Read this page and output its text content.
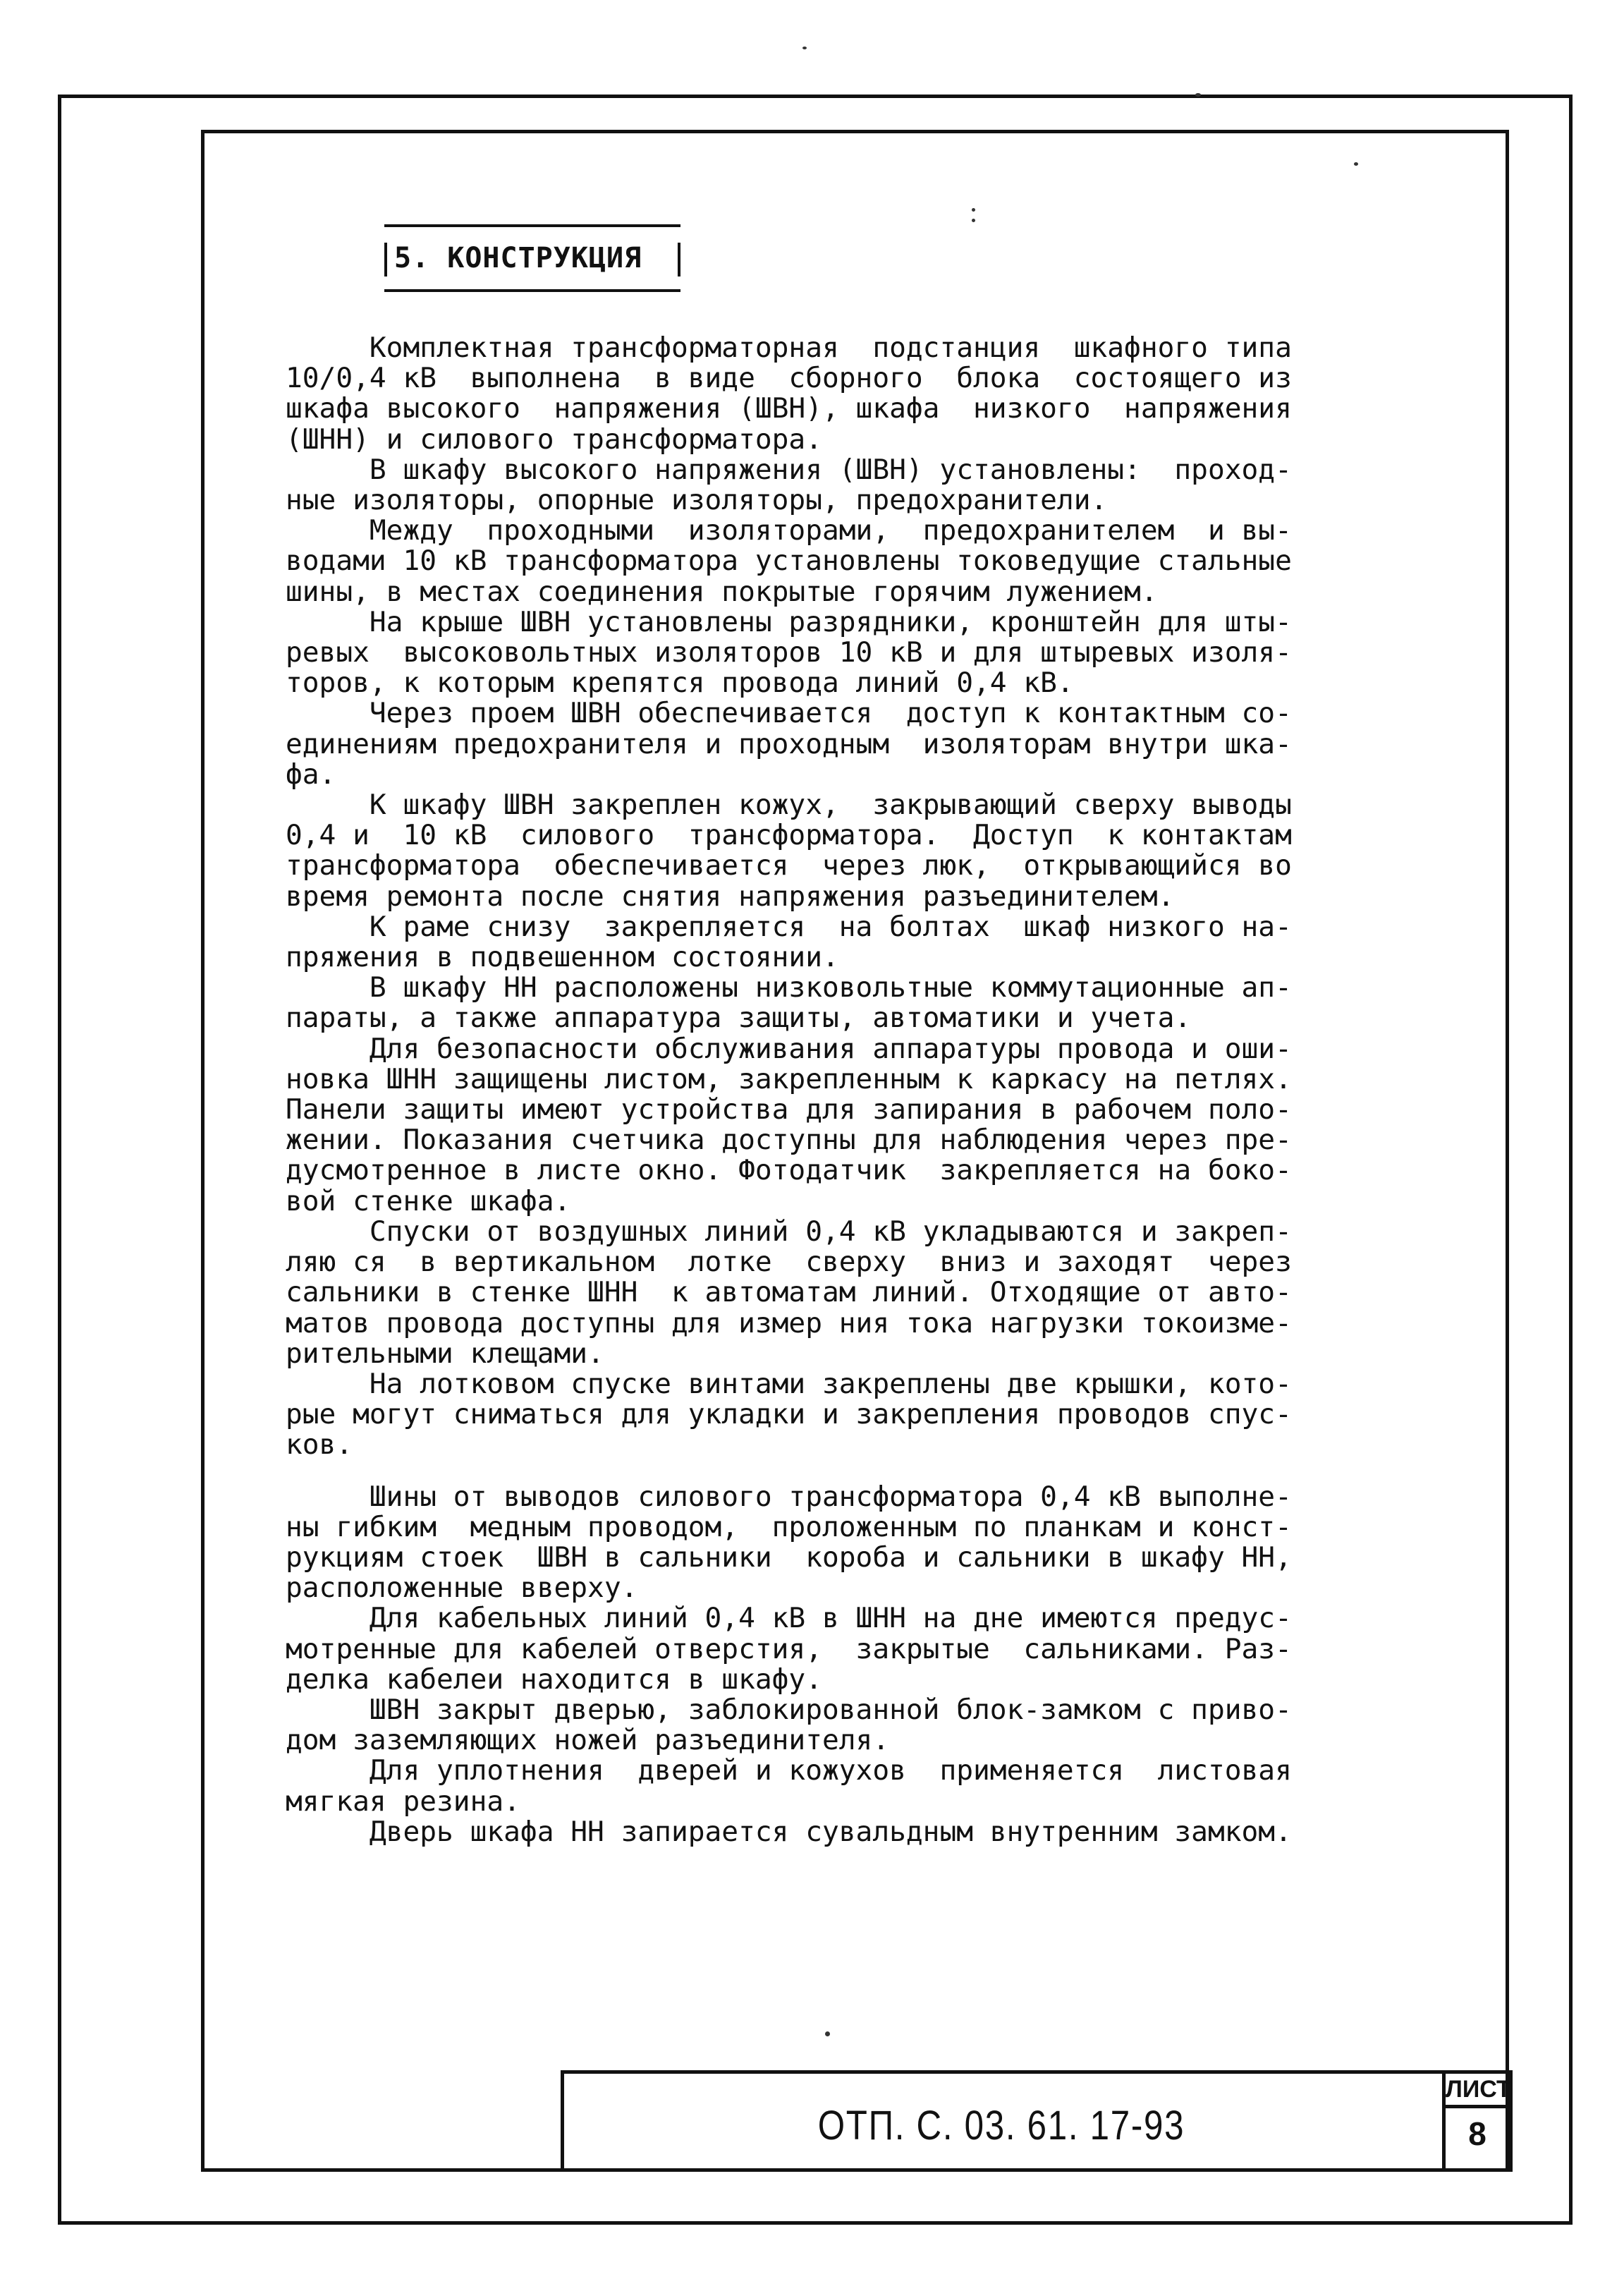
5. КОНСТРУКЦИЯ
Комплектная трансформаторная  подстанция  шкафного типа
10/0,4 кВ  выполнена  в виде  сборного  блока  состоящего из
шкафа высокого  напряжения (ШВН), шкафа  низкого  напряжения
(ШНН) и силового трансформатора.
В шкафу высокого напряжения (ШВН) установлены:  проход-
ные изоляторы, опорные изоляторы, предохранители.
Между  проходными  изоляторами,  предохранителем  и вы-
водами 10 кВ трансформатора установлены токоведущие стальные
шины, в местах соединения покрытые горячим лужением.
На крыше ШВН установлены разрядники, кронштейн для шты-
ревых  высоковольтных изоляторов 10 кВ и для штыревых изоля-
торов, к которым крепятся провода линий 0,4 кВ.
Через проем ШВН обеспечивается  доступ к контактным со-
единениям предохранителя и проходным  изоляторам внутри шка-
фа.
К шкафу ШВН закреплен кожух,  закрывающий сверху выводы
0,4 и  10 кВ  силового  трансформатора.  Доступ  к контактам
трансформатора  обеспечивается  через люк,  открывающийся во
время ремонта после снятия напряжения разъединителем.
К раме снизу  закрепляется  на болтах  шкаф низкого на-
пряжения в подвешенном состоянии.
В шкафу НН расположены низковольтные коммутационные ап-
параты, а также аппаратура защиты, автоматики и учета.
Для безопасности обслуживания аппаратуры провода и оши-
новка ШНН защищены листом, закрепленным к каркасу на петлях.
Панели защиты имеют устройства для запирания в рабочем поло-
жении. Показания счетчика доступны для наблюдения через пре-
дусмотренное в листе окно. Фотодатчик  закрепляется на боко-
вой стенке шкафа.
Спуски от воздушных линий 0,4 кВ укладываются и закреп-
ляю ся  в вертикальном  лотке  сверху  вниз и заходят  через
сальники в стенке ШНН  к автоматам линий. Отходящие от авто-
матов провода доступны для измер ния тока нагрузки токоизме-
рительными клещами.
На лотковом спуске винтами закреплены две крышки, кото-
рые могут сниматься для укладки и закрепления проводов спус-
ков.
Шины от выводов силового трансформатора 0,4 кВ выполне-
ны гибким  медным проводом,  проложенным по планкам и конст-
рукциям стоек  ШВН в сальники  короба и сальники в шкафу НН,
расположенные вверху.
Для кабельных линий 0,4 кВ в ШНН на дне имеются предус-
мотренные для кабелей отверстия,  закрытые  сальниками. Раз-
делка кабелеи находится в шкафу.
ШВН закрыт дверью, заблокированной блок-замком с приво-
дом заземляющих ножей разъединителя.
Для уплотнения  дверей и кожухов  применяется  листовая
мягкая резина.
Дверь шкафа НН запирается сувальдным внутренним замком.
ОТП. С. 03. 61. 17-93
ЛИСТ
8
